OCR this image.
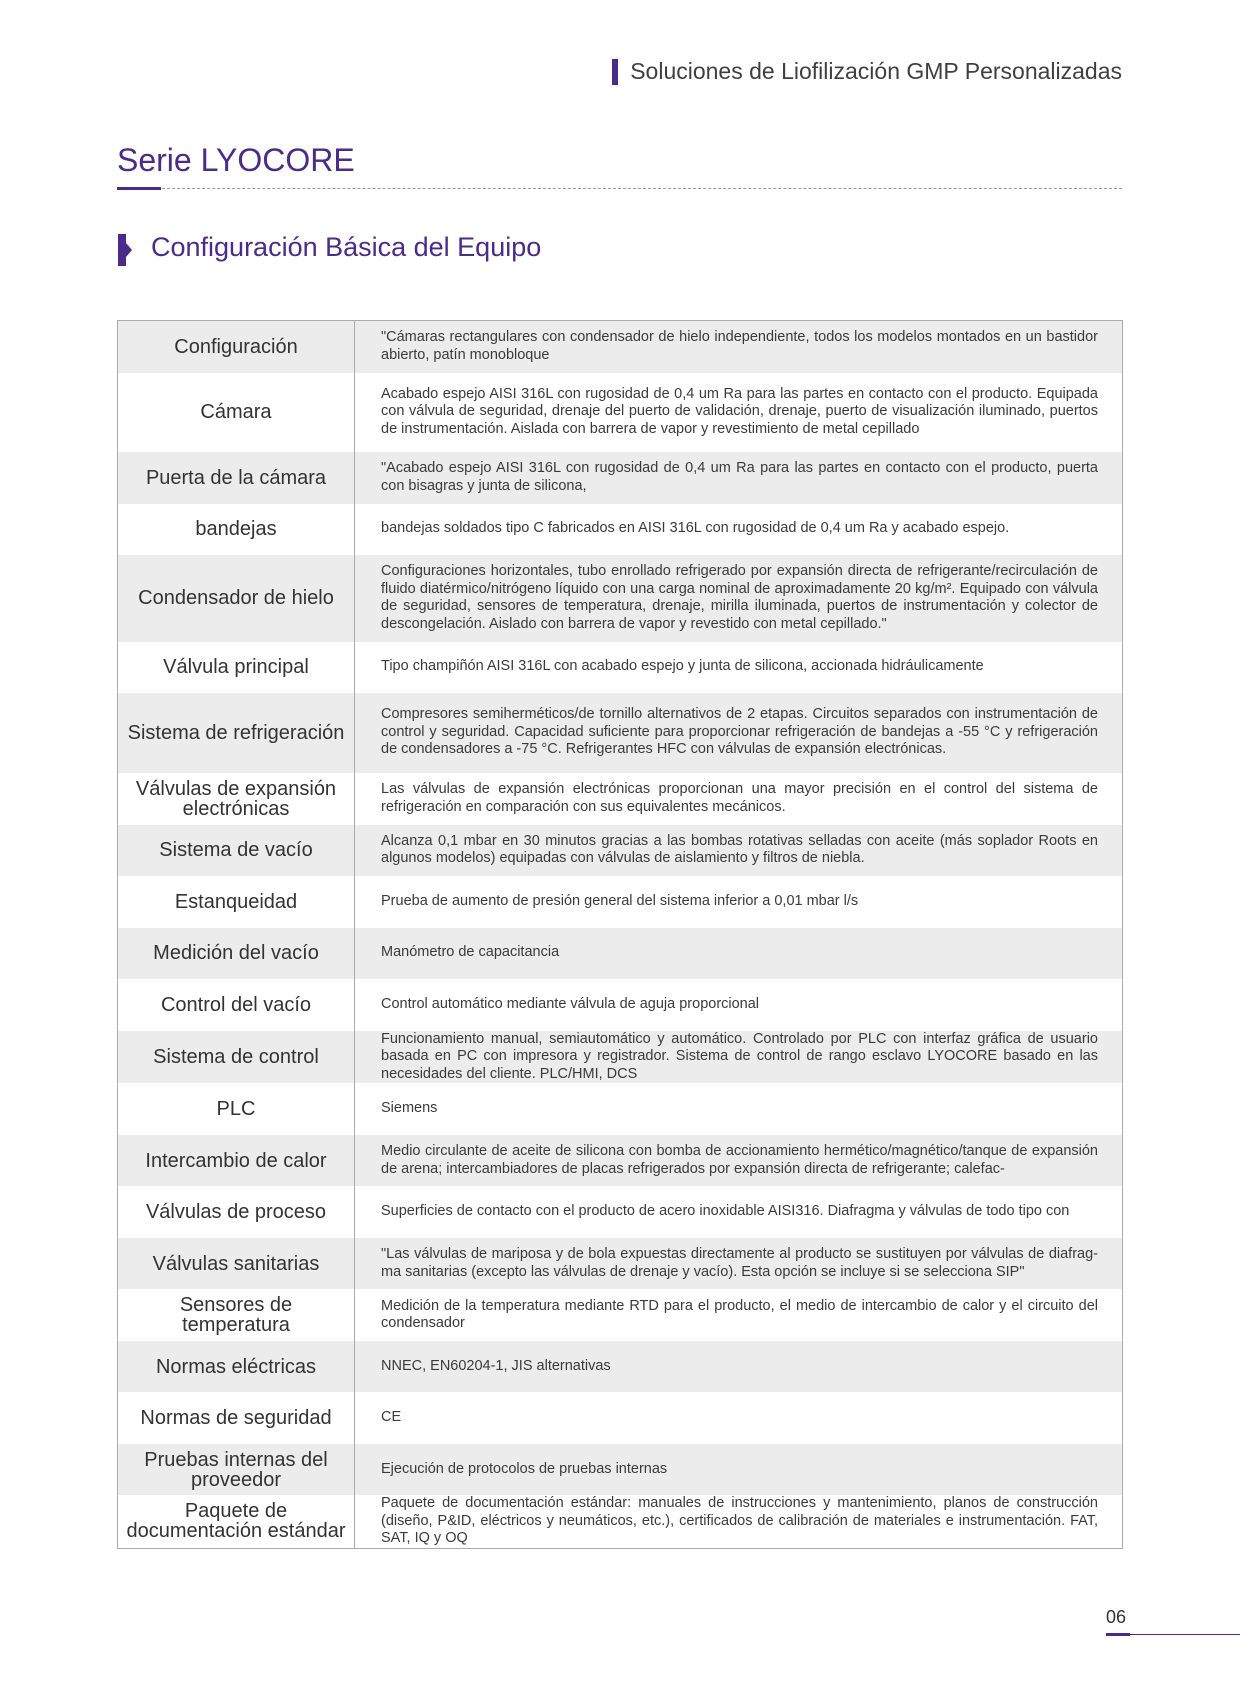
Soluciones de Liofilización GMP Personalizadas
Serie LYOCORE
Configuración Básica del Equipo
Configuración	"Cámaras rectangulares con condensador de hielo independiente, todos los modelos montados en un bastidor abierto, patín monobloque
Cámara	Acabado espejo AISI 316L con rugosidad de 0,4 um Ra para las partes en contacto con el producto. Equipada con válvula de seguridad, drenaje del puerto de validación, drenaje, puerto de visualización iluminado, puertos de instrumentación. Aislada con barrera de vapor y revestimiento de metal cepillado
Puerta de la cámara	"Acabado espejo AISI 316L con rugosidad de 0,4 um Ra para las partes en contacto con el producto, puerta con bisagras y junta de silicona,
bandejas	bandejas soldados tipo C fabricados en AISI 316L con rugosidad de 0,4 um Ra y acabado espejo.
Condensador de hielo	Configuraciones horizontales, tubo enrollado refrigerado por expansión directa de refrigerante/recirculación de fluido diatérmico/nitrógeno líquido con una carga nominal de aproximadamente 20 kg/m². Equipado con válvula de seguridad, sensores de temperatura, drenaje, mirilla iluminada, puertos de instrumentación y colector de descongelación. Aislado con barrera de vapor y revestido con metal cepillado."
Válvula principal	Tipo champiñón AISI 316L con acabado espejo y junta de silicona, accionada hidráulicamente
Sistema de refrigeración	Compresores semiherméticos/de tornillo alternativos de 2 etapas. Circuitos separados con instrumentación de control y seguridad. Capacidad suficiente para proporcionar refrigeración de bandejas a -55 °C y refrigeración de condensadores a -75 °C. Refrigerantes HFC con válvulas de expansión electrónicas.
Válvulas de expansión electrónicas	Las válvulas de expansión electrónicas proporcionan una mayor precisión en el control del sistema de refrigeración en comparación con sus equivalentes mecánicos.
Sistema de vacío	Alcanza 0,1 mbar en 30 minutos gracias a las bombas rotativas selladas con aceite (más soplador Roots en algunos modelos) equipadas con válvulas de aislamiento y filtros de niebla.
Estanqueidad	Prueba de aumento de presión general del sistema inferior a 0,01 mbar l/s
Medición del vacío	Manómetro de capacitancia
Control del vacío	Control automático mediante válvula de aguja proporcional
Sistema de control	Funcionamiento manual, semiautomático y automático. Controlado por PLC con interfaz gráfica de usuario basada en PC con impresora y registrador. Sistema de control de rango esclavo LYOCORE basado en las necesidades del cliente. PLC/HMI, DCS
PLC	Siemens
Intercambio de calor	Medio circulante de aceite de silicona con bomba de accionamiento hermético/magnético/tanque de expansión de arena; intercambiadores de placas refrigerados por expansión directa de refrigerante; calefac-
Válvulas de proceso	Superficies de contacto con el producto de acero inoxidable AISI316. Diafragma y válvulas de todo tipo con
Válvulas sanitarias	"Las válvulas de mariposa y de bola expuestas directamente al producto se sustituyen por válvulas de diafrag-ma sanitarias (excepto las válvulas de drenaje y vacío). Esta opción se incluye si se selecciona SIP"
Sensores de temperatura	Medición de la temperatura mediante RTD para el producto, el medio de intercambio de calor y el circuito del condensador
Normas eléctricas	NNEC, EN60204-1, JIS alternativas
Normas de seguridad	CE
Pruebas internas del proveedor	Ejecución de protocolos de pruebas internas
Paquete de documentación estándar	Paquete de documentación estándar: manuales de instrucciones y mantenimiento, planos de construcción (diseño, P&ID, eléctricos y neumáticos, etc.), certificados de calibración de materiales e instrumentación. FAT, SAT, IQ y OQ
06
